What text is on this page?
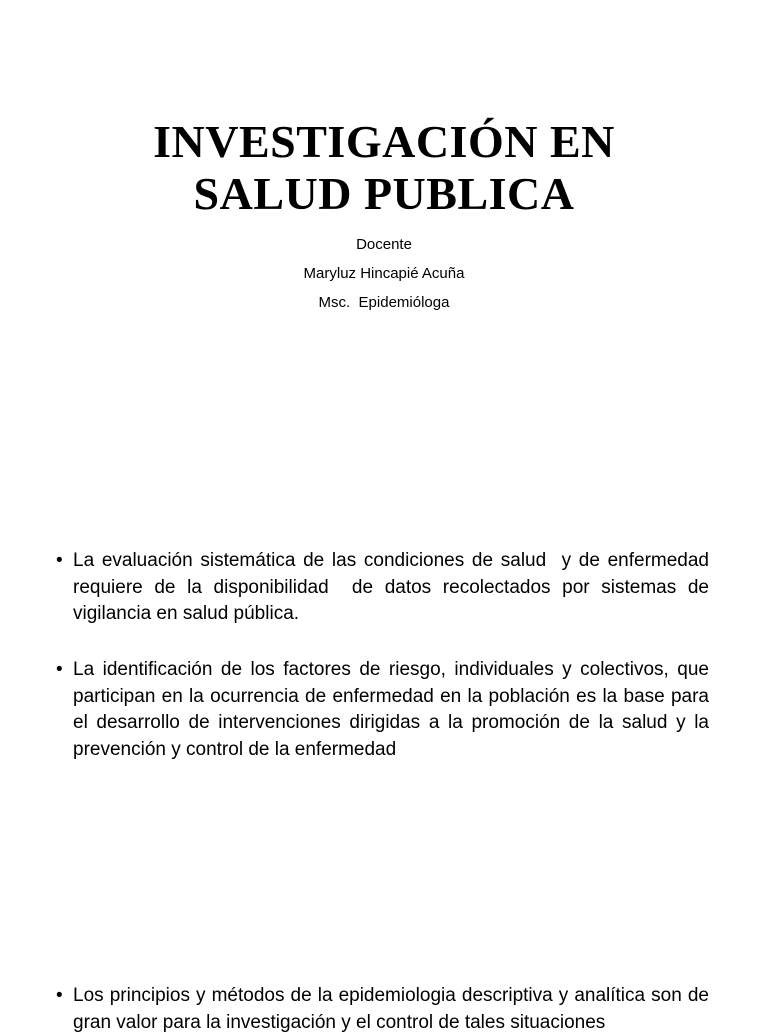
INVESTIGACIÓN EN
SALUD PUBLICA
Docente
Maryluz Hincapié Acuña
Msc.  Epidemióloga
• La evaluación sistemática de las condiciones de salud  y de enfermedad requiere de la disponibilidad  de datos recolectados por sistemas de vigilancia en salud pública.
• La identificación de los factores de riesgo, individuales y colectivos, que participan en la ocurrencia de enfermedad en la población es la base para el desarrollo de intervenciones dirigidas a la promoción de la salud y la prevención y control de la enfermedad
• Los principios y métodos de la epidemiologia descriptiva y analítica son de gran valor para la investigación y el control de tales situaciones
